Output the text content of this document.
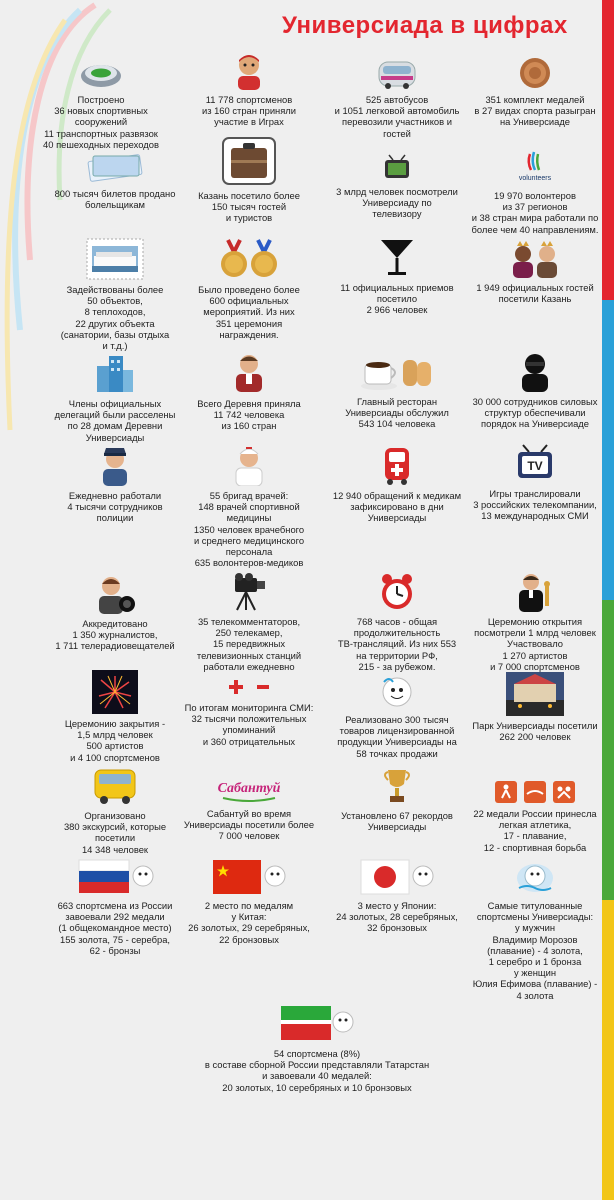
Универсиада в цифрах
Построено
36 новых спортивных
сооружений
11 транспортных развязок
40 пешеходных переходов
11 778 спортсменов
из 160 стран приняли
участие в Играх
525 автобусов
и 1051 легковой автомобиль
перевозили участников и
гостей
351 комплект медалей
в 27 видах спорта разыгран
на Универсиаде
800 тысяч билетов продано
болельщикам
Казань посетило более
150 тысяч гостей
и туристов
3 млрд человек посмотрели
Универсиаду по
телевизору
volunteers
19 970 волонтеров
из 37 регионов
и 38 стран мира работали по
более чем 40 направлениям.
Задействованы более
50 объектов,
8 теплоходов,
22 других объекта
(санатории, базы отдыха
и т.д.)
Было проведено более
600 официальных
мероприятий. Из них
351 церемония
награждения.
11 официальных приемов
посетило
2 966 человек
1 949 официальных гостей
посетили Казань
Члены официальных
делегаций были расселены
по 28 домам Деревни
Универсиады
Всего Деревня приняла
11 742 человека
из 160 стран
Главный ресторан
Универсиады обслужил
543 104 человека
30 000 сотрудников силовых
структур обеспечивали
порядок на Универсиаде
Ежедневно работали
4 тысячи сотрудников
полиции
55 бригад врачей:
148 врачей спортивной
медицины
1350 человек врачебного
и среднего медицинского
персонала
635 волонтеров-медиков
12 940 обращений к медикам
зафиксировано в дни
Универсиады
TV
Игры транслировали
3 российских телекомпании,
13 международных СМИ
Аккредитовано
1 350 журналистов,
1 711 телерадиовещателей
35 телекомментаторов,
250 телекамер,
15 передвижных
телевизионных станций
работали ежедневно
768 часов - общая
продолжительность
ТВ-трансляций. Из них 553
на территории РФ,
215 - за рубежом.
Церемонию открытия
посмотрели 1 млрд человек
Участвовало
1 270 артистов
и 7 000 спортсменов
Церемонию закрытия -
1,5 млрд человек
500 артистов
и 4 100 спортсменов
По итогам мониторинга СМИ:
32 тысячи положительных
упоминаний
и 360 отрицательных
Реализовано 300 тысяч
товаров лицензированной
продукции Универсиады на
58 точках продажи
Парк Универсиады посетили
262 200 человек
Организовано
380 экскурсий, которые
посетили
14 348 человек
Сабантуй
Сабантуй во время
Универсиады посетили более
7 000 человек
Установлено 67 рекордов
Универсиады
22 медали России принесла
легкая атлетика,
17 - плавание,
12 - спортивная борьба
663 спортсмена из России
завоевали 292 медали
(1 общекомандное место)
155 золота, 75 - серебра,
62 - бронзы
2 место по медалям
у Китая:
26 золотых, 29 серебряных,
22 бронзовых
3 место у Японии:
24 золотых, 28 серебряных,
32 бронзовых
Самые титулованные
спортсмены Универсиады:
у мужчин
Владимир Морозов
(плавание) - 4 золота,
1 серебро и 1 бронза
у женщин
Юлия Ефимова (плавание) -
4 золота
54 спортсмена (8%)
в составе сборной России представляли Татарстан
и завоевали 40 медалей:
20 золотых, 10 серебряных и 10 бронзовых
